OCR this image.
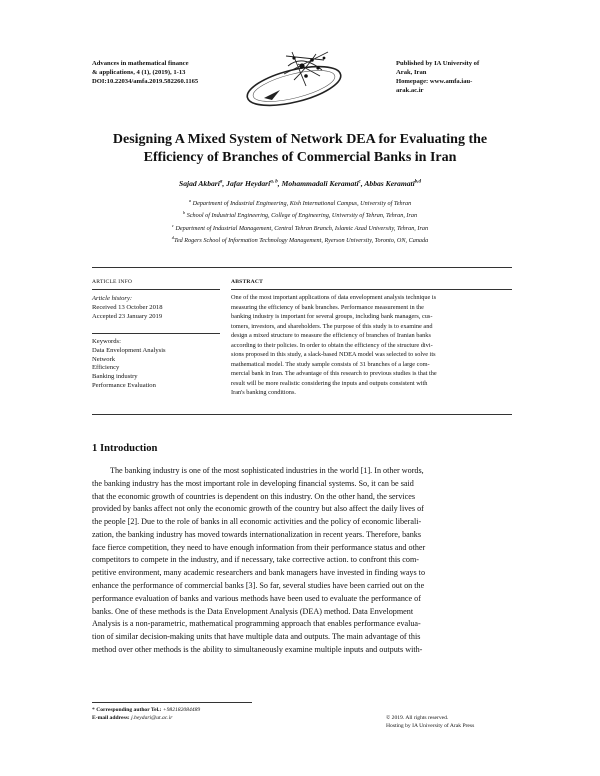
Advances in mathematical finance
& applications, 4 (1), (2019), 1-13
DOI:10.22034/amfa.2019.582260.1165
Published by IA University of
Arak, Iran
Homepage: www.amfa.iau-
arak.ac.ir
Designing A Mixed System of Network DEA for Evaluating the
Efficiency of Branches of Commercial Banks in Iran
Sajad Akbari$^a$, Jafar Heydari$^{a, b}$, Mohammadali Keramati$^c$, Abbas Keramati$^{b,d}$
$^a$ Department of Industrial Engineering, Kish International Campus, University of Tehran
$^b$ School of Industrial Engineering, College of Engineering, University of Tehran, Tehran, Iran
$^c$ Department of Industrial Management, Central Tehran Branch, Islamic Azad University, Tehran, Iran
$^d$Ted Rogers School of Information Technology Management, Ryerson University, Toronto, ON, Canada
ARTICLE INFO	ABSTRACT
Article history:
Received 13 October 2018
Accepted 23 January 2019
Keywords:
Data Envelopment Analysis
Network
Efficiency
Banking industry
Performance Evaluation
One of the most important applications of data envelopment analysis technique is
measuring the efficiency of bank branches. Performance measurement in the
banking industry is important for several groups, including bank managers, cus-
tomers, investors, and shareholders. The purpose of this study is to examine and
design a mixed structure to measure the efficiency of branches of Iranian banks
according to their policies. In order to obtain the efficiency of the structure divi-
sions proposed in this study, a slack-based NDEA model was selected to solve its
mathematical model. The study sample consists of 31 branches of a large com-
mercial bank in Iran. The advantage of this research to previous studies is that the
result will be more realistic considering the inputs and outputs consistent with
Iran's banking conditions.
1 Introduction
The banking industry is one of the most sophisticated industries in the world [1]. In other words,
the banking industry has the most important role in developing financial systems. So, it can be said
that the economic growth of countries is dependent on this industry. On the other hand, the services
provided by banks affect not only the economic growth of the country but also affect the daily lives of
the people [2]. Due to the role of banks in all economic activities and the policy of economic liberali-
zation, the banking industry has moved towards internationalization in recent years. Therefore, banks
face fierce competition, they need to have enough information from their performance status and other
competitors to compete in the industry, and if necessary, take corrective action. to confront this com-
petitive environment, many academic researchers and bank managers have invested in finding ways to
enhance the performance of commercial banks [3]. So far, several studies have been carried out on the
performance evaluation of banks and various methods have been used to evaluate the performance of
banks. One of these methods is the Data Envelopment Analysis (DEA) method. Data Envelopment
Analysis is a non-parametric, mathematical programming approach that enables performance evalua-
tion of similar decision-making units that have multiple data and outputs. The main advantage of this
method over other methods is the ability to simultaneously examine multiple inputs and outputs with-
* Corresponding author Tel.: +982182084489
E-mail address: j.heydari@ut.ac.ir	© 2019. All rights reserved.
Hosting by IA University of Arak Press
